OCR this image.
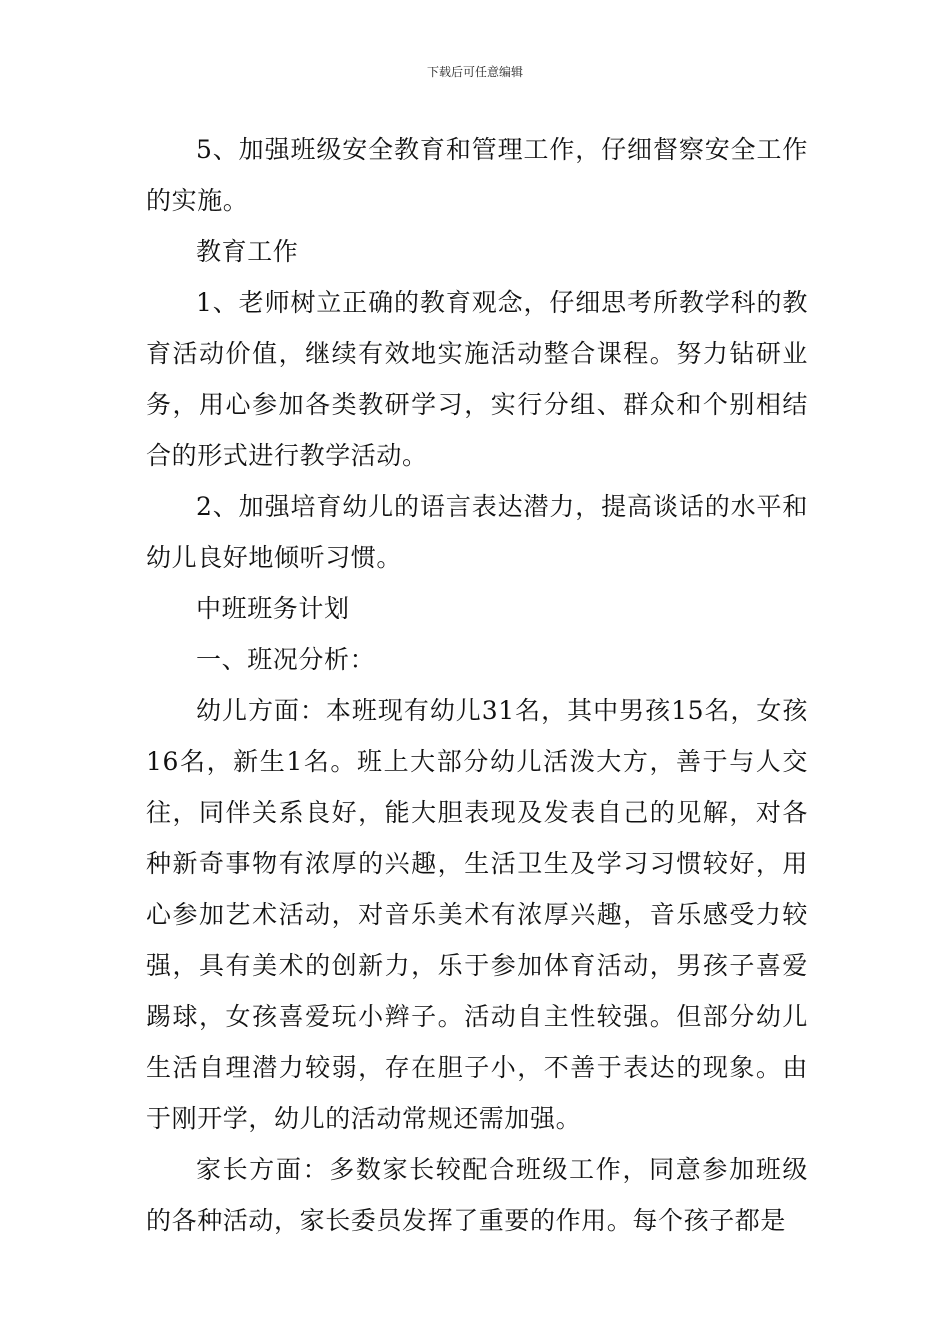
下载后可任意编辑

5、加强班级安全教育和管理工作，仔细督察安全工作的实施。

教育工作

1、老师树立正确的教育观念，仔细思考所教学科的教育活动价值，继续有效地实施活动整合课程。努力钻研业务，用心参加各类教研学习，实行分组、群众和个别相结合的形式进行教学活动。

2、加强培育幼儿的语言表达潜力，提高谈话的水平和幼儿良好地倾听习惯。

中班班务计划

一、班况分析：

幼儿方面：本班现有幼儿31名，其中男孩15名，女孩16名，新生1名。班上大部分幼儿活泼大方，善于与人交往，同伴关系良好，能大胆表现及发表自己的见解，对各种新奇事物有浓厚的兴趣，生活卫生及学习习惯较好，用心参加艺术活动，对音乐美术有浓厚兴趣，音乐感受力较强，具有美术的创新力，乐于参加体育活动，男孩子喜爱踢球，女孩喜爱玩小辫子。活动自主性较强。但部分幼儿生活自理潜力较弱，存在胆子小，不善于表达的现象。由于刚开学，幼儿的活动常规还需加强。

家长方面：多数家长较配合班级工作，同意参加班级的各种活动，家长委员发挥了重要的作用。每个孩子都是
